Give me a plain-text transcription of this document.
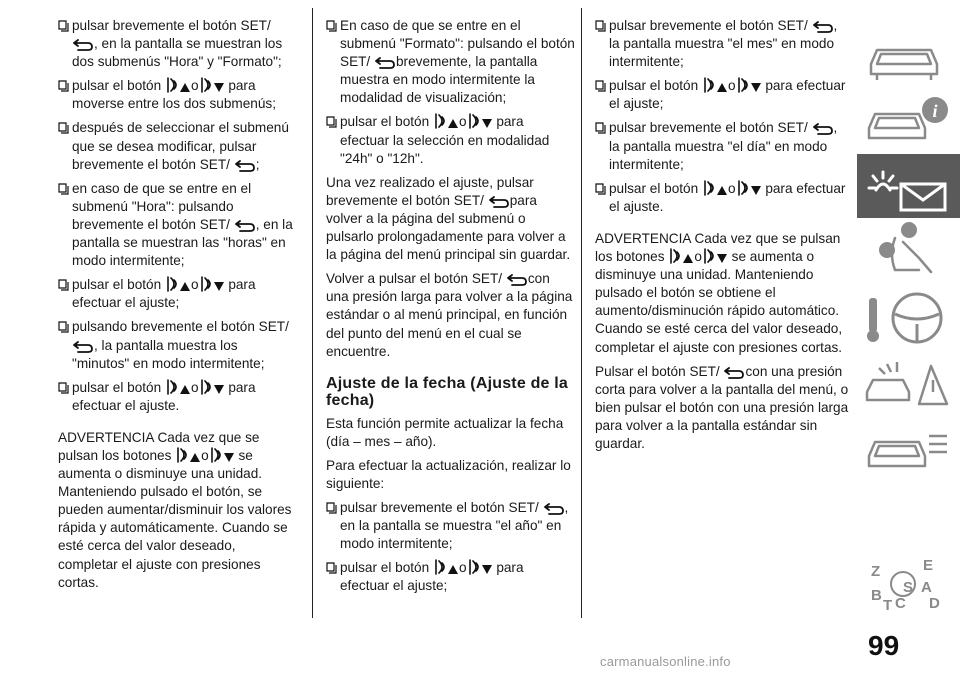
pulsar brevemente el botón SET/ , en la pantalla se muestran los dos submenús "Hora" y "Formato";
pulsar el botón o para moverse entre los dos submenús;
después de seleccionar el submenú que se desea modificar, pulsar brevemente el botón SET/ ;
en caso de que se entre en el submenú "Hora": pulsando brevemente el botón SET/ , en la pantalla se muestran las "horas" en modo intermitente;
pulsar el botón o para efectuar el ajuste;
pulsando brevemente el botón SET/ , la pantalla muestra los "minutos" en modo intermitente;
pulsar el botón o para efectuar el ajuste.
ADVERTENCIA Cada vez que se pulsan los botones o se aumenta o disminuye una unidad. Manteniendo pulsado el botón, se pueden aumentar/disminuir los valores rápida y automáticamente. Cuando se esté cerca del valor deseado, completar el ajuste con presiones cortas.
En caso de que se entre en el submenú "Formato": pulsando el botón SET/ brevemente, la pantalla muestra en modo intermitente la modalidad de visualización;
pulsar el botón o para efectuar la selección en modalidad "24h" o "12h".
Una vez realizado el ajuste, pulsar brevemente el botón SET/ para volver a la página del submenú o pulsarlo prolongadamente para volver a la página del menú principal sin guardar.
Volver a pulsar el botón SET/ con una presión larga para volver a la página estándar o al menú principal, en función del punto del menú en el cual se encuentre.
Ajuste de la fecha (Ajuste de la fecha)
Esta función permite actualizar la fecha (día – mes – año).
Para efectuar la actualización, realizar lo siguiente:
pulsar brevemente el botón SET/ , en la pantalla se muestra "el año" en modo intermitente;
pulsar el botón o para efectuar el ajuste;
pulsar brevemente el botón SET/ , la pantalla muestra "el mes" en modo intermitente;
pulsar el botón o para efectuar el ajuste;
pulsar brevemente el botón SET/ , la pantalla muestra "el día" en modo intermitente;
pulsar el botón o para efectuar el ajuste.
ADVERTENCIA Cada vez que se pulsan los botones o se aumenta o disminuye una unidad. Manteniendo pulsado el botón se obtiene el aumento/disminución rápido automático. Cuando se esté cerca del valor deseado, completar el ajuste con presiones cortas.
Pulsar el botón SET/ con una presión corta para volver a la pantalla del menú, o bien pulsar el botón con una presión larga para volver a la pantalla estándar sin guardar.
i
Z	E
A
B C D
T
S
99
carmanualsonline.info
